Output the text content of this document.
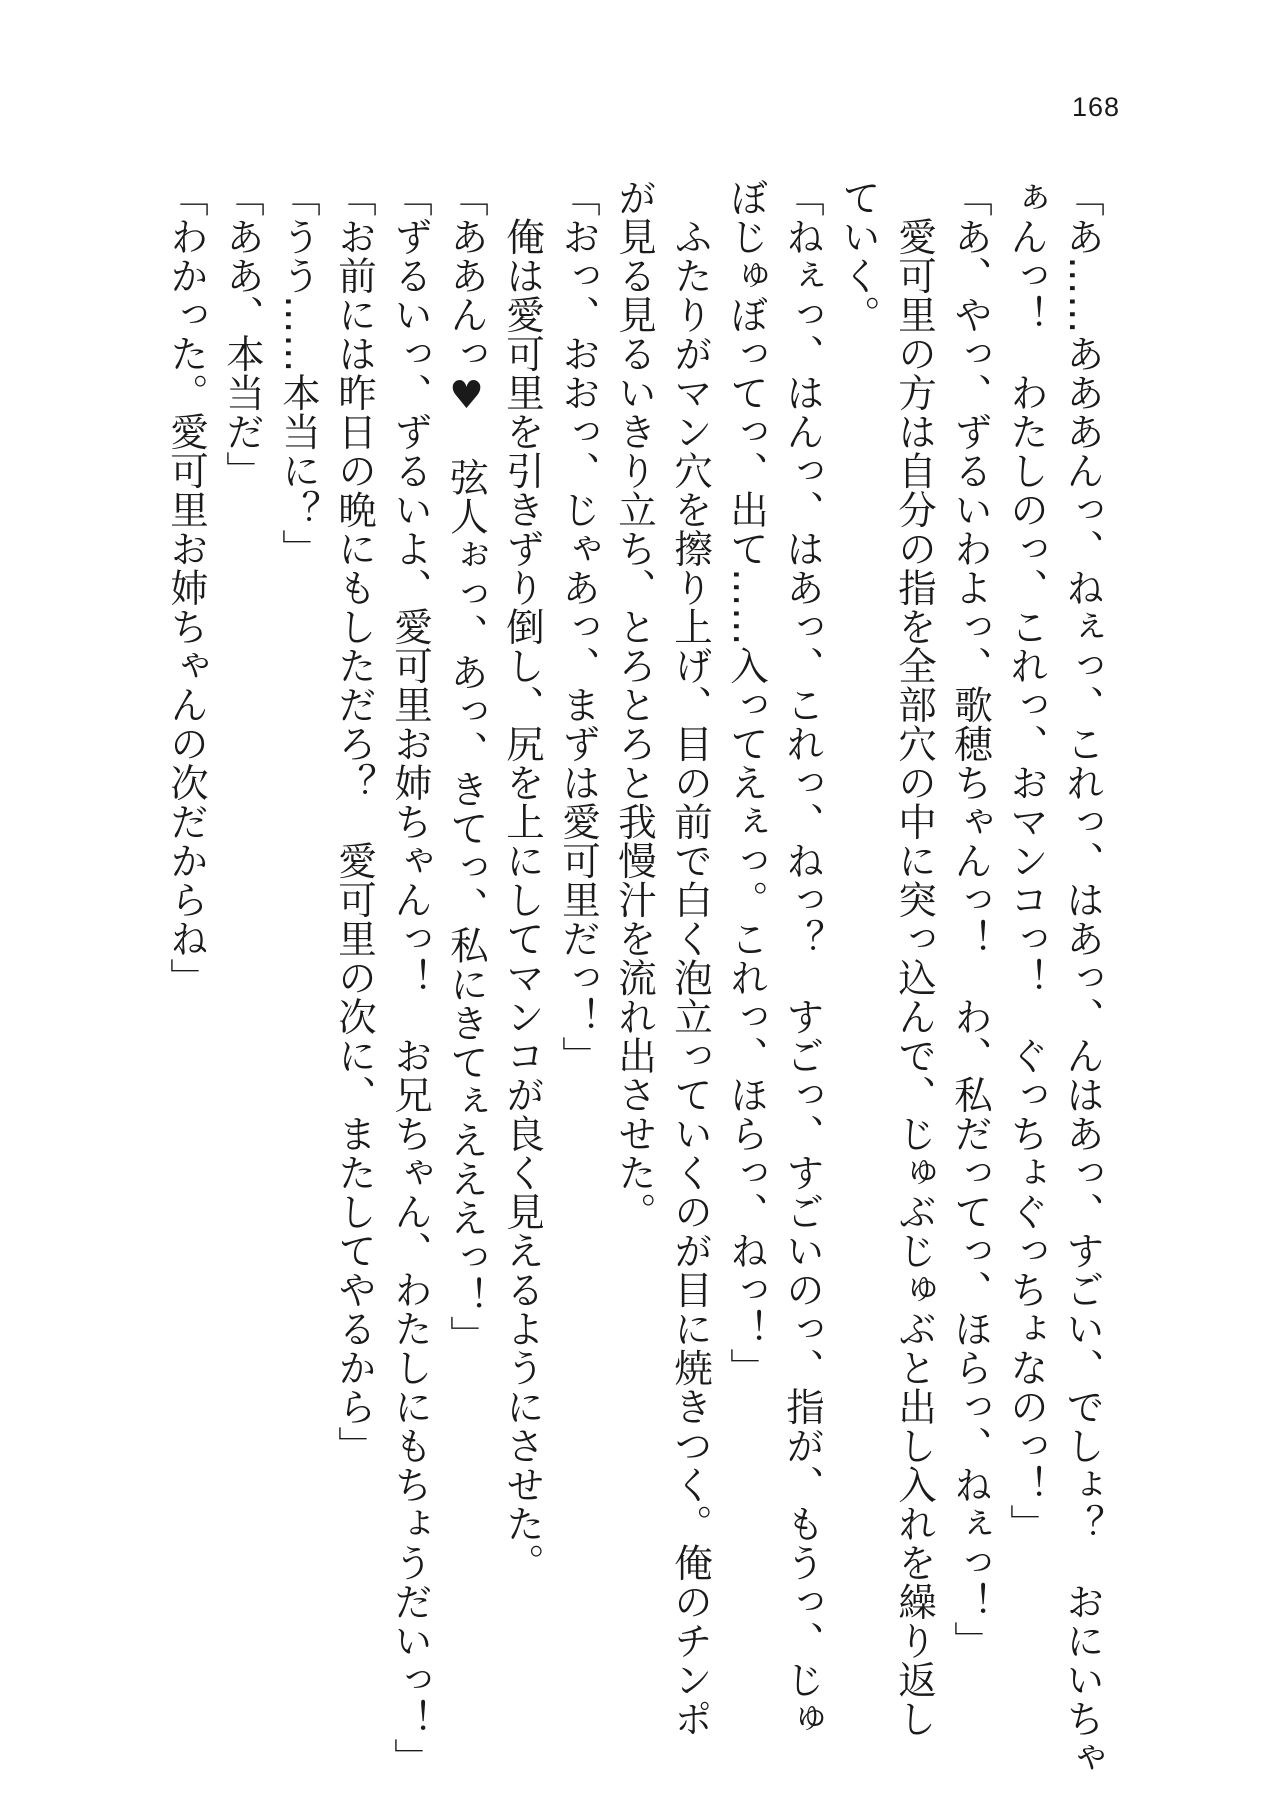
168
「あ……あああんっ、ねぇっ、これっ、はあっ、んはあっ、すごい、でしょ？　おにいちゃ
ぁんっ！　わたしのっ、これっ、おマンコっ！　ぐっちょぐっちょなのっ！」
「あ、やっ、ずるいわよっ、歌穂ちゃんっ！　わ、私だってっ、ほらっ、ねぇっ！」
　愛可里の方は自分の指を全部穴の中に突っ込んで、じゅぶじゅぶと出し入れを繰り返し
ていく。
「ねぇっ、はんっ、はあっ、これっ、ねっ？　すごっ、すごいのっ、指が、もうっ、じゅ
ぼじゅぼってっ、出て……入ってえぇっ。これっ、ほらっ、ねっ！」
　ふたりがマン穴を擦り上げ、目の前で白く泡立っていくのが目に焼きつく。俺のチンポ
が見る見るいきり立ち、とろとろと我慢汁を流れ出させた。
「おっ、おおっ、じゃあっ、まずは愛可里だっ！」
　俺は愛可里を引きずり倒し、尻を上にしてマンコが良く見えるようにさせた。
「ああんっ♥　弦人ぉっ、あっ、きてっ、私にきてぇえええっ！」
「ずるいっ、ずるいよ、愛可里お姉ちゃんっ！　お兄ちゃん、わたしにもちょうだいっ！」
「お前には昨日の晩にもしただろ？　愛可里の次に、またしてやるから」
「うう……本当に？」
「ああ、本当だ」
「わかった。愛可里お姉ちゃんの次だからね」
